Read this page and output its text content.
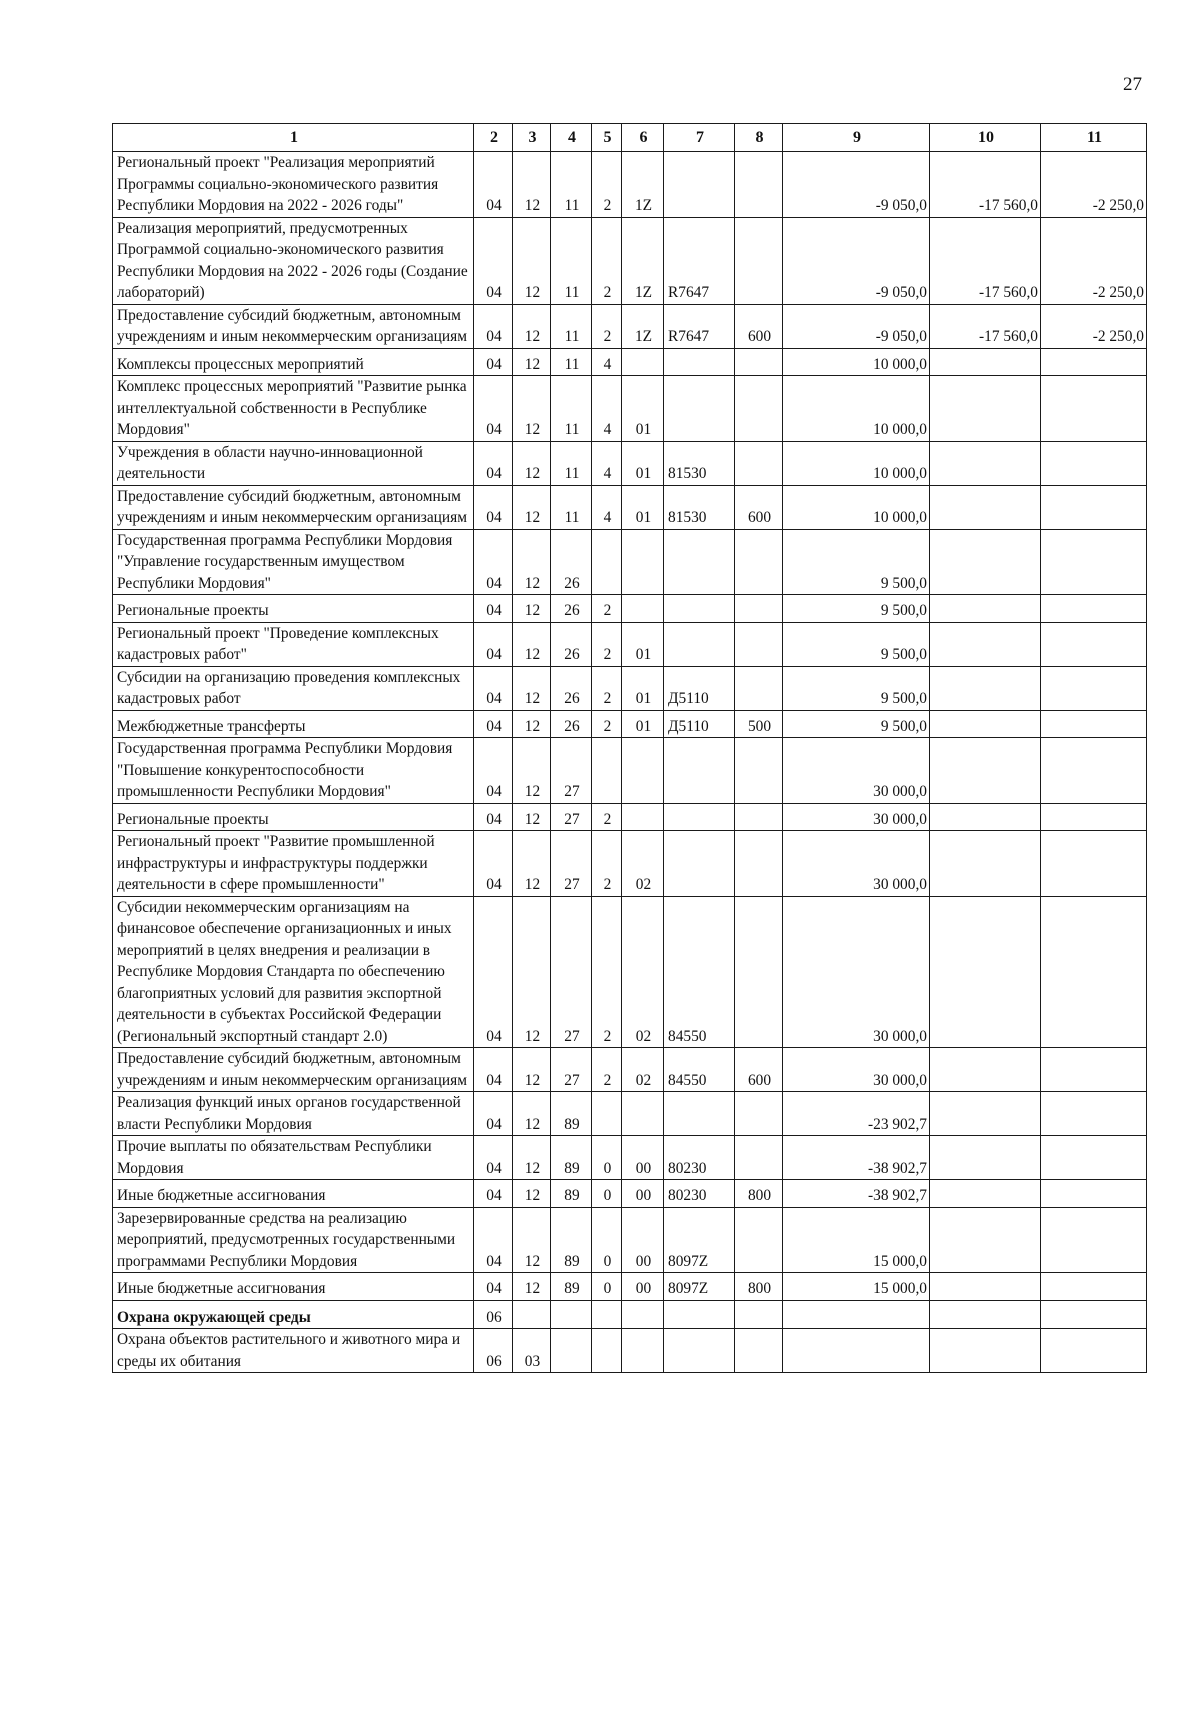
27
1	2	3	4	5	6	7	8	9	10	11
Региональный проект "Реализация мероприятий Программы социально-экономического развития Республики Мордовия на 2022 - 2026 годы"	04	12	11	2	1Z			-9 050,0	-17 560,0	-2 250,0
Реализация мероприятий, предусмотренных Программой социально-экономического развития Республики Мордовия на 2022 - 2026 годы (Создание лабораторий)	04	12	11	2	1Z	R7647		-9 050,0	-17 560,0	-2 250,0
Предоставление субсидий бюджетным, автономным учреждениям и иным некоммерческим организациям	04	12	11	2	1Z	R7647	600	-9 050,0	-17 560,0	-2 250,0
Комплексы процессных мероприятий	04	12	11	4				10 000,0		
Комплекс процессных мероприятий "Развитие рынка интеллектуальной собственности в Республике Мордовия"	04	12	11	4	01			10 000,0		
Учреждения в области научно-инновационной деятельности	04	12	11	4	01	81530		10 000,0		
Предоставление субсидий бюджетным, автономным учреждениям и иным некоммерческим организациям	04	12	11	4	01	81530	600	10 000,0		
Государственная программа Республики Мордовия "Управление государственным имуществом Республики Мордовия"	04	12	26					9 500,0		
Региональные проекты	04	12	26	2				9 500,0		
Региональный проект "Проведение комплексных кадастровых работ"	04	12	26	2	01			9 500,0		
Субсидии на организацию проведения комплексных кадастровых работ	04	12	26	2	01	Д5110		9 500,0		
Межбюджетные трансферты	04	12	26	2	01	Д5110	500	9 500,0		
Государственная программа Республики Мордовия "Повышение конкурентоспособности промышленности Республики Мордовия"	04	12	27					30 000,0		
Региональные проекты	04	12	27	2				30 000,0		
Региональный проект "Развитие промышленной инфраструктуры и инфраструктуры поддержки деятельности в сфере промышленности"	04	12	27	2	02			30 000,0		
Субсидии некоммерческим организациям на финансовое обеспечение организационных и иных мероприятий в целях внедрения и реализации в Республике Мордовия Стандарта по обеспечению благоприятных условий для развития экспортной деятельности в субъектах Российской Федерации (Региональный экспортный стандарт 2.0)	04	12	27	2	02	84550		30 000,0		
Предоставление субсидий бюджетным, автономным учреждениям и иным некоммерческим организациям	04	12	27	2	02	84550	600	30 000,0		
Реализация функций иных органов государственной власти Республики Мордовия	04	12	89					-23 902,7		
Прочие выплаты по обязательствам Республики Мордовия	04	12	89	0	00	80230		-38 902,7		
Иные бюджетные ассигнования	04	12	89	0	00	80230	800	-38 902,7		
Зарезервированные средства на реализацию мероприятий, предусмотренных государственными программами Республики Мордовия	04	12	89	0	00	8097Z		15 000,0		
Иные бюджетные ассигнования	04	12	89	0	00	8097Z	800	15 000,0		
Охрана окружающей среды	06									
Охрана объектов растительного и животного мира и среды их обитания	06	03								
